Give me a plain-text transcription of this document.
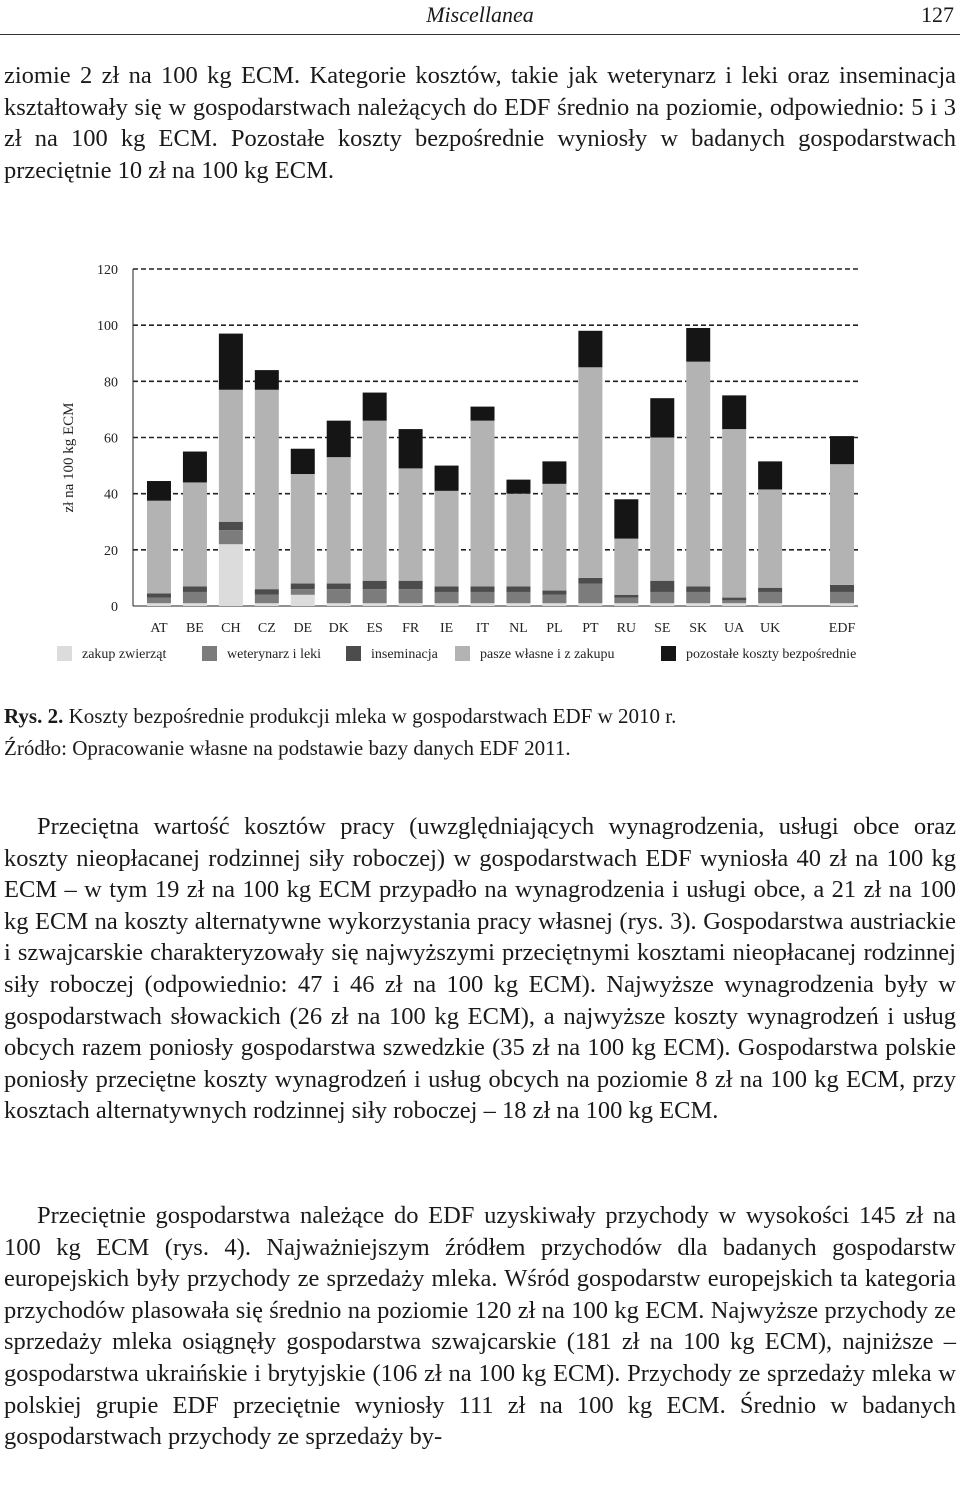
Miscellanea	127

ziomie 2 zł na 100 kg ECM. Kategorie kosztów, takie jak weterynarz i leki oraz inseminacja kształtowały się w gospodarstwach należących do EDF średnio na poziomie, odpowiednio: 5 i 3 zł na 100 kg ECM. Pozostałe koszty bezpośrednie wyniosły w badanych gospodarstwach przeciętnie 10 zł na 100 kg ECM.

0
20
40
60
80
100
120
zł na 100 kg ECM
AT BE CH CZ DE DK ES FR IE IT NL PL PT RU SE SK UA UK	EDF
zakup zwierząt	weterynarz i leki	inseminacja	pasze własne i z zakupu	pozostałe koszty bezpośrednie
Rys. 2. Koszty bezpośrednie produkcji mleka w gospodarstwach EDF w 2010 r.
Źródło: Opracowanie własne na podstawie bazy danych EDF 2011.

Przeciętna wartość kosztów pracy (uwzględniających wynagrodzenia, usługi obce oraz koszty nieopłacanej rodzinnej siły roboczej) w gospodarstwach EDF wyniosła 40 zł na 100 kg ECM – w tym 19 zł na 100 kg ECM przypadło na wynagrodzenia i usługi obce, a 21 zł na 100 kg ECM na koszty alternatywne wykorzystania pracy własnej (rys. 3). Gospodarstwa austriackie i szwajcarskie charakteryzowały się najwyższymi przeciętnymi kosztami nieopłacanej rodzinnej siły roboczej (odpowiednio: 47 i 46 zł na 100 kg ECM). Najwyższe wynagrodzenia były w gospodarstwach słowackich (26 zł na 100 kg ECM), a najwyższe koszty wynagrodzeń i usług obcych razem poniosły gospodarstwa szwedzkie (35 zł na 100 kg ECM). Gospodarstwa polskie poniosły przeciętne koszty wynagrodzeń i usług obcych na poziomie 8 zł na 100 kg ECM, przy kosztach alternatywnych rodzinnej siły roboczej – 18 zł na 100 kg ECM.

Przeciętnie gospodarstwa należące do EDF uzyskiwały przychody w wysokości 145 zł na 100 kg ECM (rys. 4). Najważniejszym źródłem przychodów dla badanych gospodarstw europejskich były przychody ze sprzedaży mleka. Wśród gospodarstw europejskich ta kategoria przychodów plasowała się średnio na poziomie 120 zł na 100 kg ECM. Najwyższe przychody ze sprzedaży mleka osiągnęły gospodarstwa szwajcarskie (181 zł na 100 kg ECM), najniższe – gospodarstwa ukraińskie i brytyjskie (106 zł na 100 kg ECM). Przychody ze sprzedaży mleka w polskiej grupie EDF przeciętnie wyniosły 111 zł na 100 kg ECM. Średnio w badanych gospodarstwach przychody ze sprzedaży by-
